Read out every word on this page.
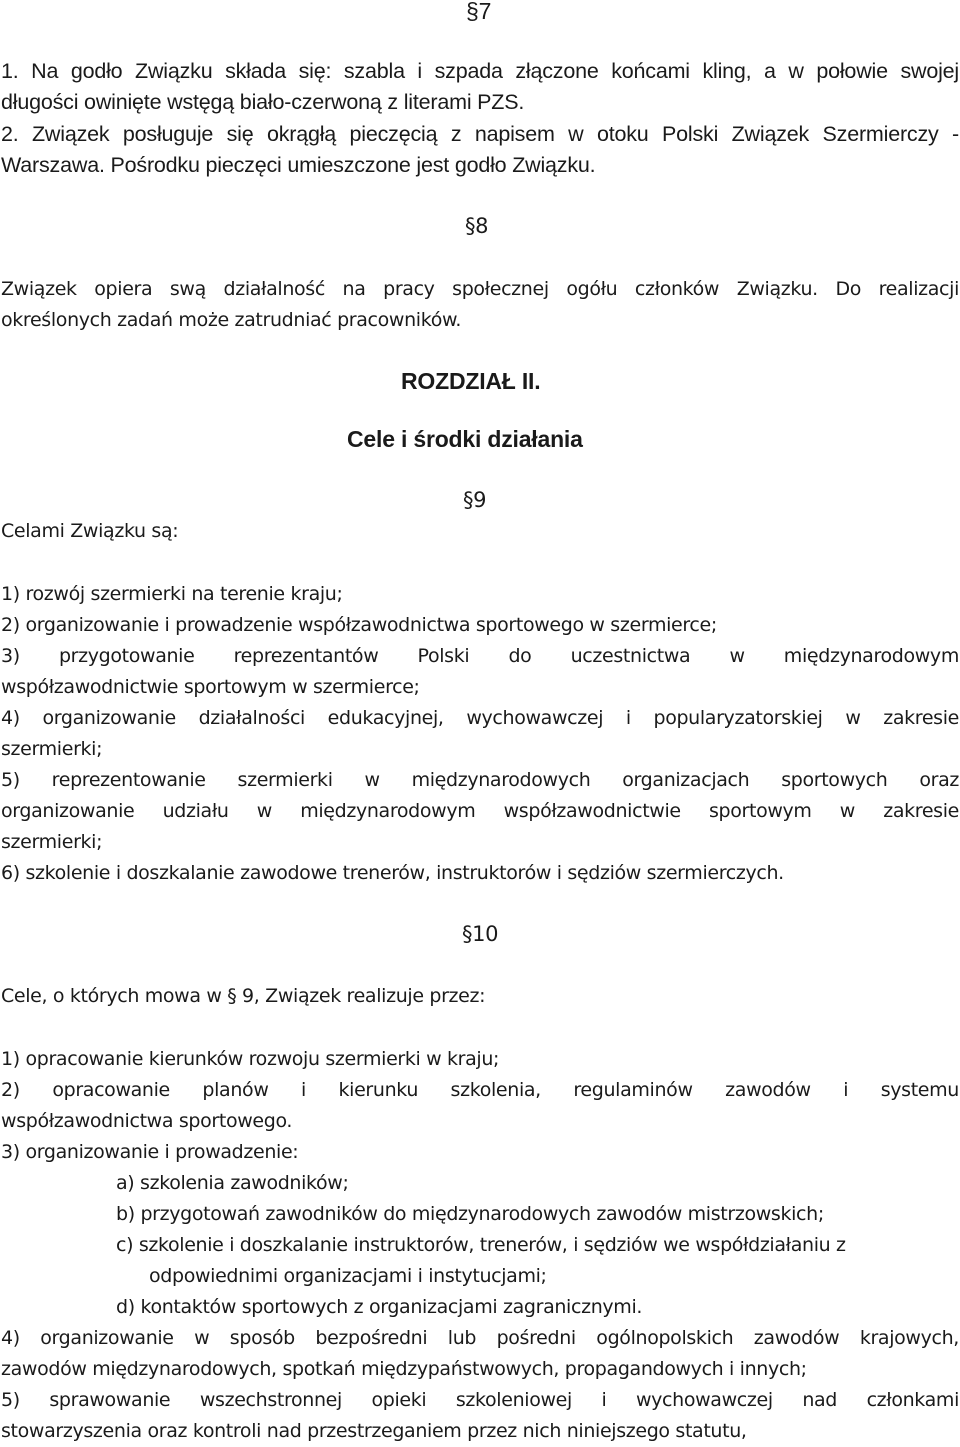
§7
1. Na godło Związku składa się: szabla i szpada złączone końcami kling, a w połowie swojej
długości owinięte wstęgą biało-czerwoną z literami PZS.
2. Związek posługuje się okrągłą pieczęcią z napisem w otoku Polski Związek Szermierczy -
Warszawa. Pośrodku pieczęci umieszczone jest godło Związku.
§8
Związek opiera swą działalność na pracy społecznej ogółu członków Związku. Do realizacji
określonych zadań może zatrudniać pracowników.
ROZDZIAŁ II.
Cele i środki działania
§9
Celami Związku są:
1) rozwój szermierki na terenie kraju;
2) organizowanie i prowadzenie współzawodnictwa sportowego w szermierce;
3) przygotowanie reprezentantów Polski do uczestnictwa w międzynarodowym
współzawodnictwie sportowym w szermierce;
4) organizowanie działalności edukacyjnej, wychowawczej i popularyzatorskiej w zakresie
szermierki;
5) reprezentowanie szermierki w międzynarodowych organizacjach sportowych oraz
organizowanie udziału w międzynarodowym współzawodnictwie sportowym w zakresie
szermierki;
6) szkolenie i doszkalanie zawodowe trenerów, instruktorów i sędziów szermierczych.
§10
Cele, o których mowa w § 9, Związek realizuje przez:
1) opracowanie kierunków rozwoju szermierki w kraju;
2) opracowanie planów i kierunku szkolenia, regulaminów zawodów i systemu
współzawodnictwa sportowego.
3) organizowanie i prowadzenie:
a) szkolenia zawodników;
b) przygotowań zawodników do międzynarodowych zawodów mistrzowskich;
c) szkolenie i doszkalanie instruktorów, trenerów, i sędziów we współdziałaniu z
odpowiednimi organizacjami i instytucjami;
d) kontaktów sportowych z organizacjami zagranicznymi.
4) organizowanie w sposób bezpośredni lub pośredni ogólnopolskich zawodów krajowych,
zawodów międzynarodowych, spotkań międzypaństwowych, propagandowych i innych;
5) sprawowanie wszechstronnej opieki szkoleniowej i wychowawczej nad członkami
stowarzyszenia oraz kontroli nad przestrzeganiem przez nich niniejszego statutu,
